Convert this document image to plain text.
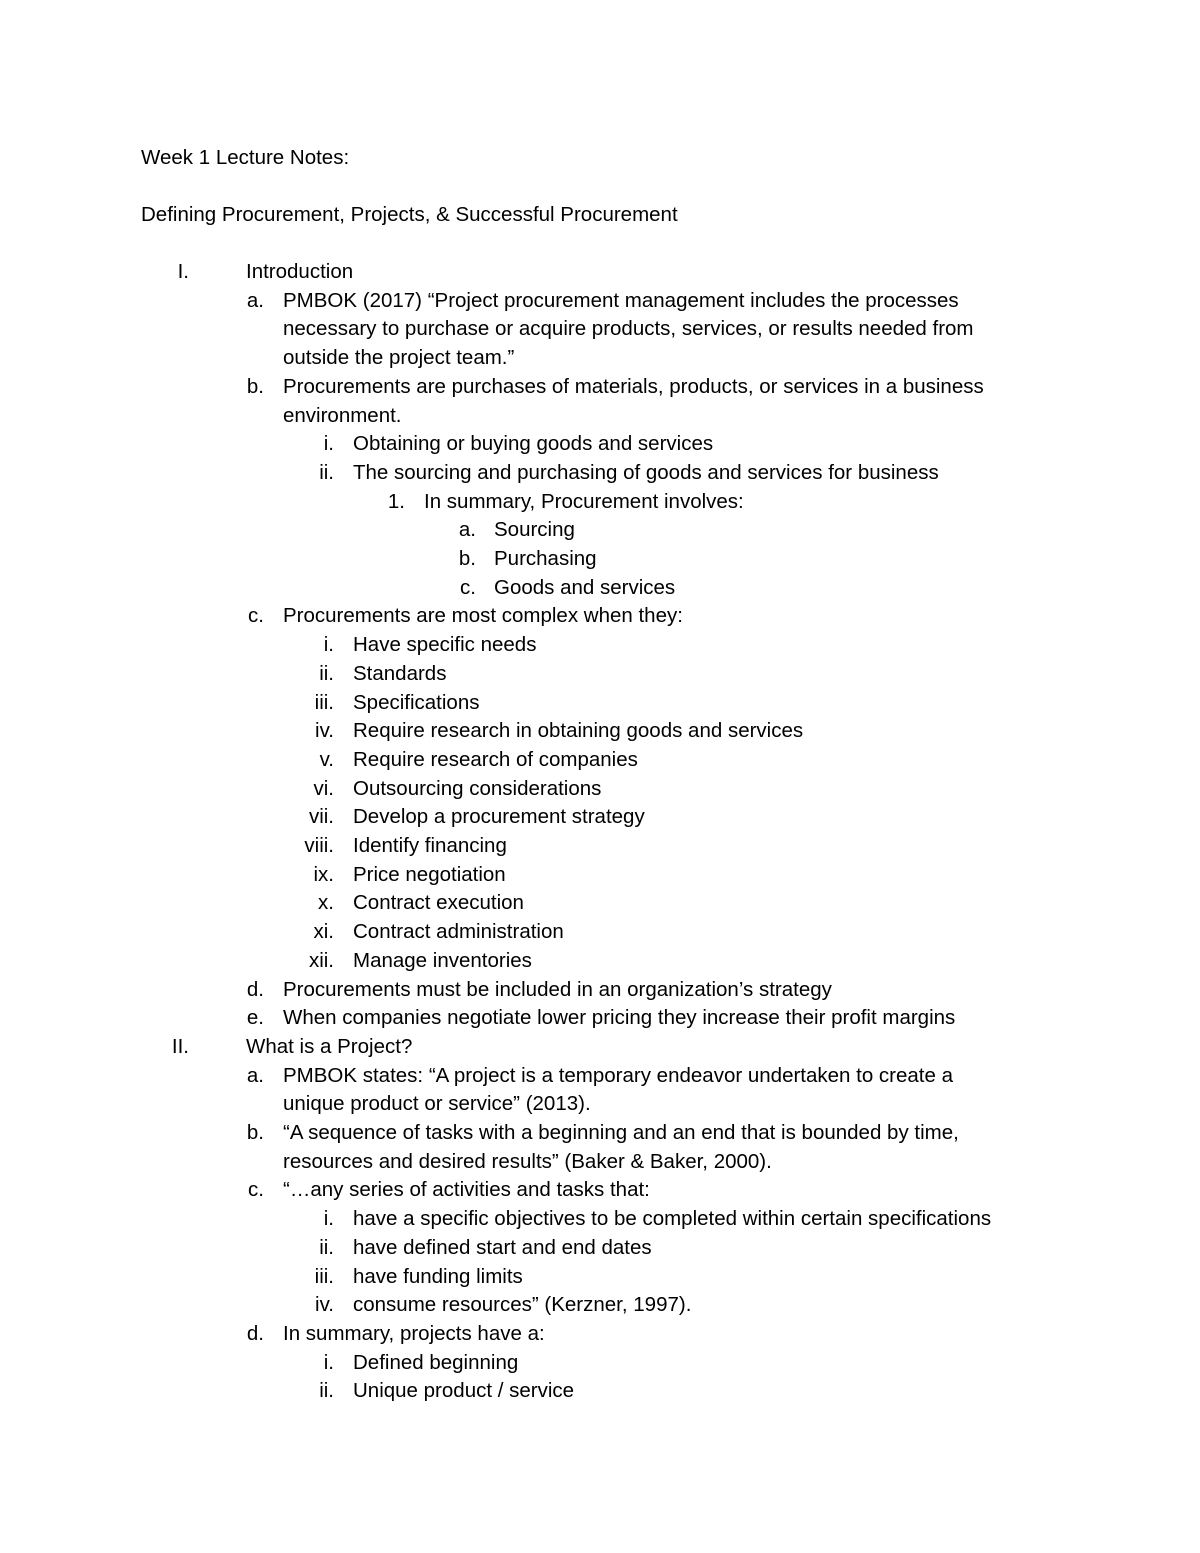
Week 1 Lecture Notes:
Defining Procurement, Projects, & Successful Procurement
I.	Introduction
a. PMBOK (2017) “Project procurement management includes the processes
necessary to purchase or acquire products, services, or results needed from
outside the project team.”
b. Procurements are purchases of materials, products, or services in a business
environment.
i. Obtaining or buying goods and services
ii. The sourcing and purchasing of goods and services for business
1. In summary, Procurement involves:
a. Sourcing
b. Purchasing
c. Goods and services
c. Procurements are most complex when they:
i. Have specific needs
ii. Standards
iii. Specifications
iv. Require research in obtaining goods and services
v. Require research of companies
vi. Outsourcing considerations
vii. Develop a procurement strategy
viii. Identify financing
ix. Price negotiation
x. Contract execution
xi. Contract administration
xii. Manage inventories
d. Procurements must be included in an organization’s strategy
e. When companies negotiate lower pricing they increase their profit margins
II.	What is a Project?
a. PMBOK states: “A project is a temporary endeavor undertaken to create a
unique product or service” (2013).
b. “A sequence of tasks with a beginning and an end that is bounded by time,
resources and desired results” (Baker & Baker, 2000).
c. “…any series of activities and tasks that:
i. have a specific objectives to be completed within certain specifications
ii. have defined start and end dates
iii. have funding limits
iv. consume resources” (Kerzner, 1997).
d. In summary, projects have a:
i. Defined beginning
ii. Unique product / service
